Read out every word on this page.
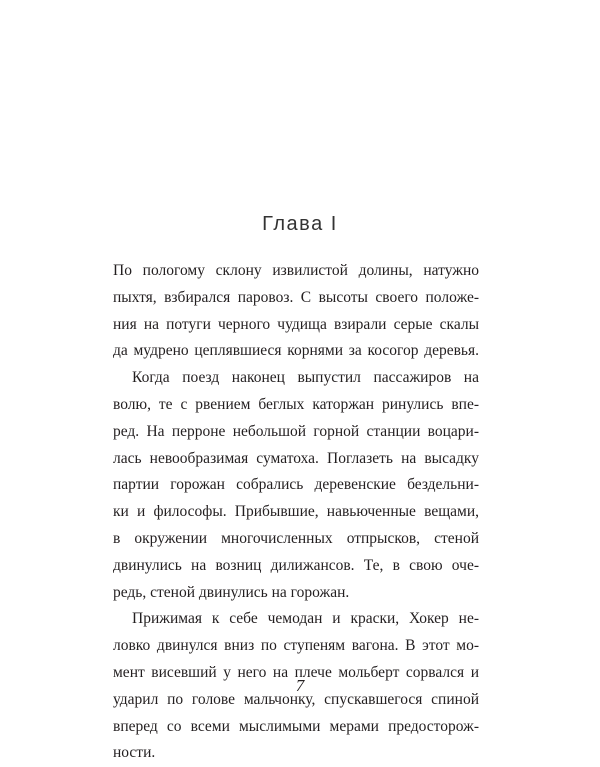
Глава I
По пологому склону извилистой долины, натужно
пыхтя, взбирался паровоз. С высоты своего положе-
ния на потуги черного чудища взирали серые скалы
да мудрено цеплявшиеся корнями за косогор деревья.
Когда поезд наконец выпустил пассажиров на
волю, те с рвением беглых каторжан ринулись впе-
ред. На перроне небольшой горной станции воцари-
лась невообразимая суматоха. Поглазеть на высадку
партии горожан собрались деревенские бездельни-
ки и философы. Прибывшие, навьюченные вещами,
в окружении многочисленных отпрысков, стеной
двинулись на возниц дилижансов. Те, в свою оче-
редь, стеной двинулись на горожан.
Прижимая к себе чемодан и краски, Хокер не-
ловко двинулся вниз по ступеням вагона. В этот мо-
мент висевший у него на плече мольберт сорвался и
ударил по голове мальчонку, спускавшегося спиной
вперед со всеми мыслимыми мерами предосторож-
ности.
7
